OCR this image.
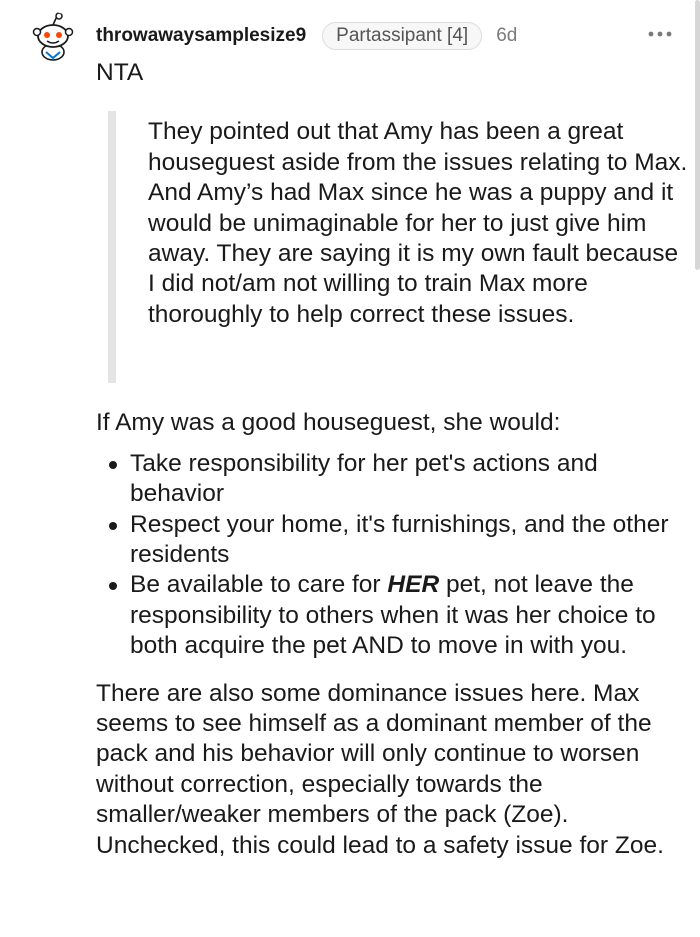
throwawaysamplesize9	Partassipant [4]	6d

NTA

They pointed out that Amy has been a great houseguest aside from the issues relating to Max. And Amy’s had Max since he was a puppy and it would be unimaginable for her to just give him away. They are saying it is my own fault because I did not/am not willing to train Max more thoroughly to help correct these issues.

If Amy was a good houseguest, she would:

Take responsibility for her pet's actions and behavior
Respect your home, it's furnishings, and the other residents
Be available to care for HER pet, not leave the responsibility to others when it was her choice to both acquire the pet AND to move in with you.

There are also some dominance issues here. Max seems to see himself as a dominant member of the pack and his behavior will only continue to worsen without correction, especially towards the smaller/weaker members of the pack (Zoe). Unchecked, this could lead to a safety issue for Zoe.
